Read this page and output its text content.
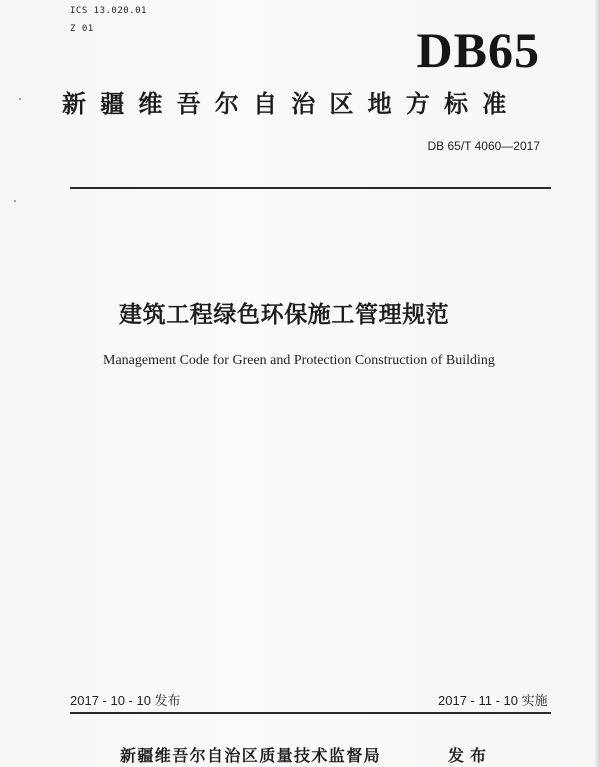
ICS 13.020.01
Z 01	DB65
新疆维吾尔自治区地方标准
DB 65/T 4060—2017
建筑工程绿色环保施工管理规范
Management Code for Green and Protection Construction of Building
2017 - 10 - 10 发布	2017 - 11 - 10 实施
新疆维吾尔自治区质量技术监督局	发布
